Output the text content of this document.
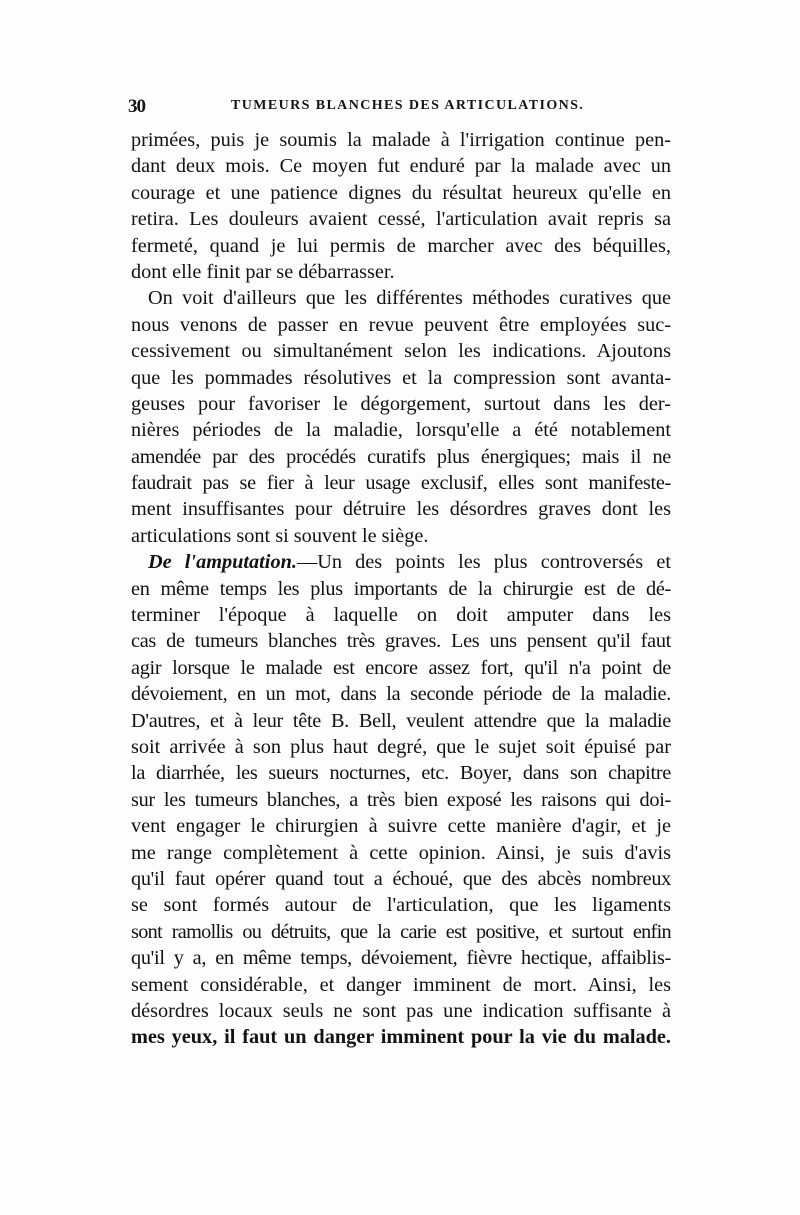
30	TUMEURS BLANCHES DES ARTICULATIONS.
primées, puis je soumis la malade à l'irrigation continue pen-
dant deux mois. Ce moyen fut enduré par la malade avec un
courage et une patience dignes du résultat heureux qu'elle en
retira. Les douleurs avaient cessé, l'articulation avait repris sa
fermeté, quand je lui permis de marcher avec des béquilles,
dont elle finit par se débarrasser.
On voit d'ailleurs que les différentes méthodes curatives que
nous venons de passer en revue peuvent être employées suc-
cessivement ou simultanément selon les indications. Ajoutons
que les pommades résolutives et la compression sont avanta-
geuses pour favoriser le dégorgement, surtout dans les der-
nières périodes de la maladie, lorsqu'elle a été notablement
amendée par des procédés curatifs plus énergiques; mais il ne
faudrait pas se fier à leur usage exclusif, elles sont manifeste-
ment insuffisantes pour détruire les désordres graves dont les
articulations sont si souvent le siège.
De l'amputation.—Un des points les plus controversés et
en même temps les plus importants de la chirurgie est de dé-
terminer l'époque à laquelle on doit amputer dans les
cas de tumeurs blanches très graves. Les uns pensent qu'il faut
agir lorsque le malade est encore assez fort, qu'il n'a point de
dévoiement, en un mot, dans la seconde période de la maladie.
D'autres, et à leur tête B. Bell, veulent attendre que la maladie
soit arrivée à son plus haut degré, que le sujet soit épuisé par
la diarrhée, les sueurs nocturnes, etc. Boyer, dans son chapitre
sur les tumeurs blanches, a très bien exposé les raisons qui doi-
vent engager le chirurgien à suivre cette manière d'agir, et je
me range complètement à cette opinion. Ainsi, je suis d'avis
qu'il faut opérer quand tout a échoué, que des abcès nombreux
se sont formés autour de l'articulation, que les ligaments
sont ramollis ou détruits, que la carie est positive, et surtout enfin
qu'il y a, en même temps, dévoiement, fièvre hectique, affaiblis-
sement considérable, et danger imminent de mort. Ainsi, les
désordres locaux seuls ne sont pas une indication suffisante à
mes yeux, il faut un danger imminent pour la vie du malade.
